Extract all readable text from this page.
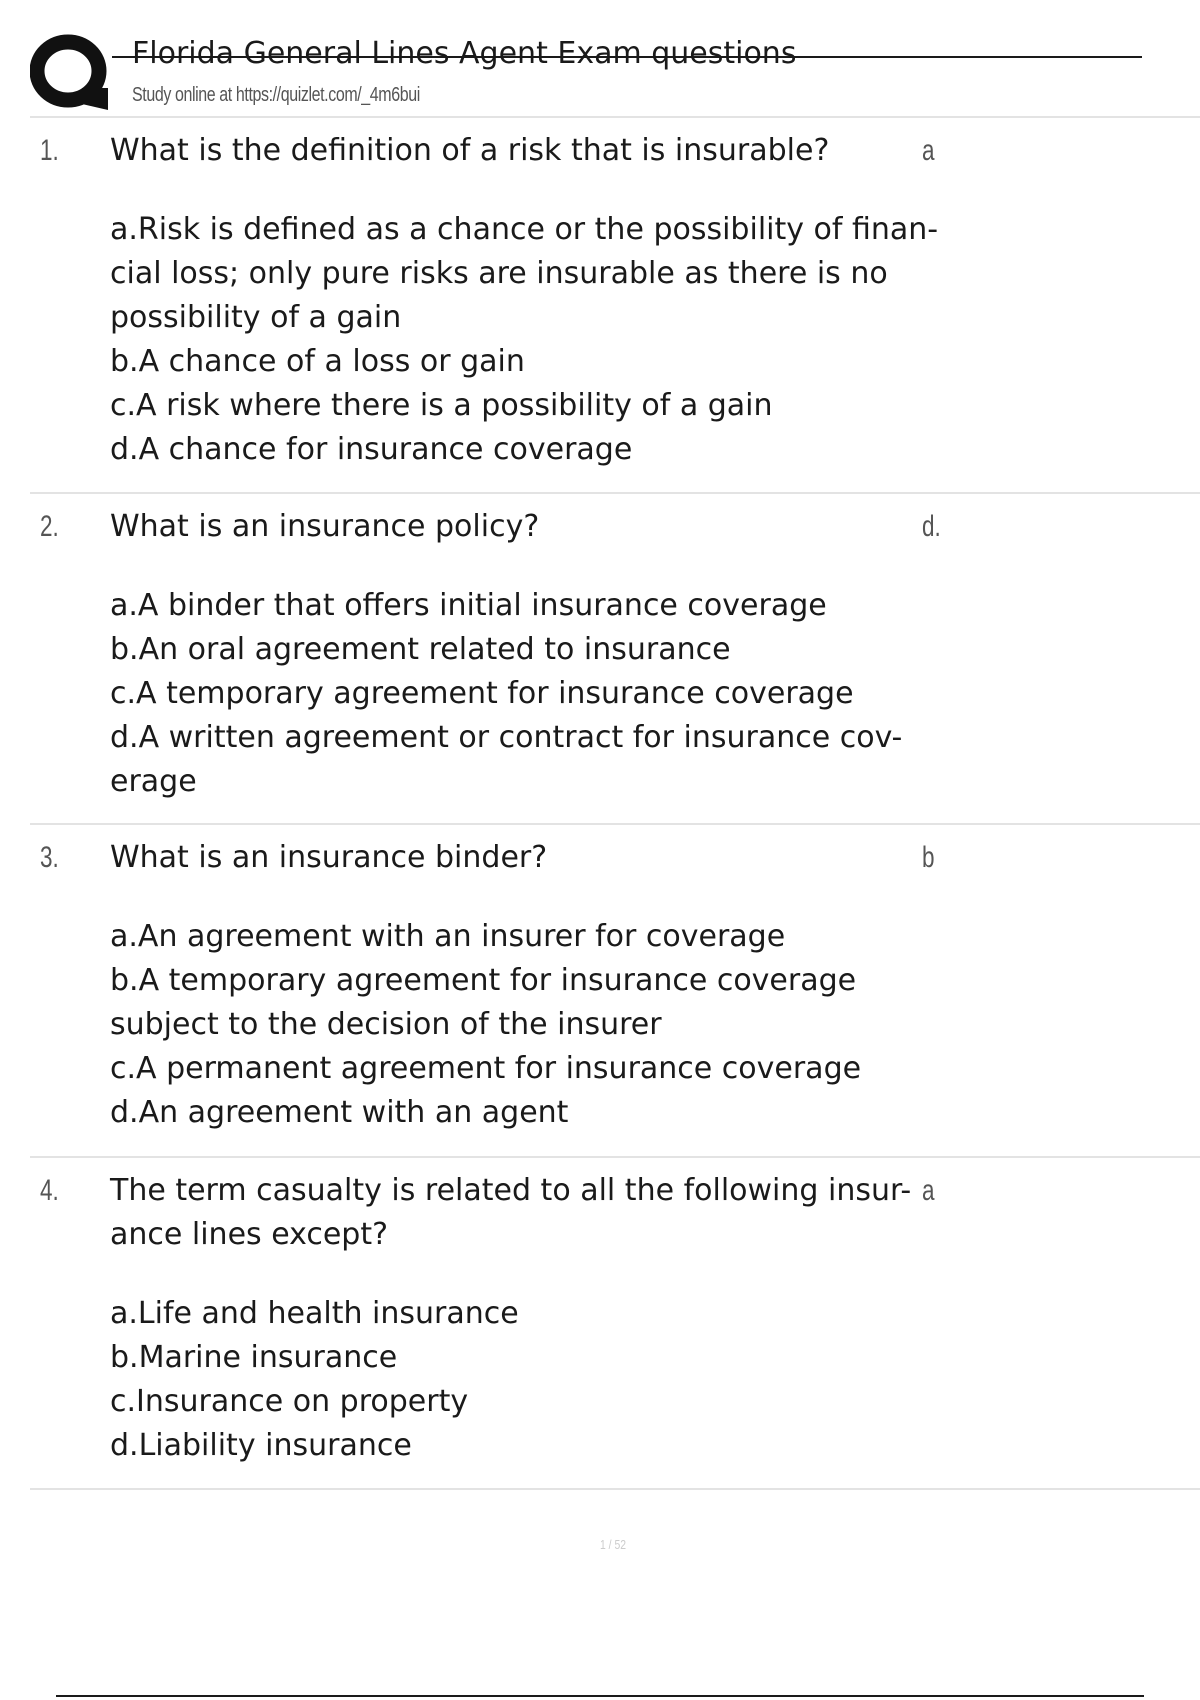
Florida General Lines Agent Exam questions
Study online at https://quizlet.com/_4m6bui
1. What is the definition of a risk that is insurable?

a.Risk is defined as a chance or the possibility of finan-cial loss; only pure risks are insurable as there is no possibility of a gain
b.A chance of a loss or gain
c.A risk where there is a possibility of a gain
d.A chance for insurance coverage
a
2. What is an insurance policy?

a.A binder that offers initial insurance coverage
b.An oral agreement related to insurance
c.A temporary agreement for insurance coverage
d.A written agreement or contract for insurance cov-erage
d.
3. What is an insurance binder?

a.An agreement with an insurer for coverage
b.A temporary agreement for insurance coverage subject to the decision of the insurer
c.A permanent agreement for insurance coverage
d.An agreement with an agent
b
4. The term casualty is related to all the following insur-ance lines except?

a.Life and health insurance
b.Marine insurance
c.Insurance on property
d.Liability insurance
a
1 / 52
